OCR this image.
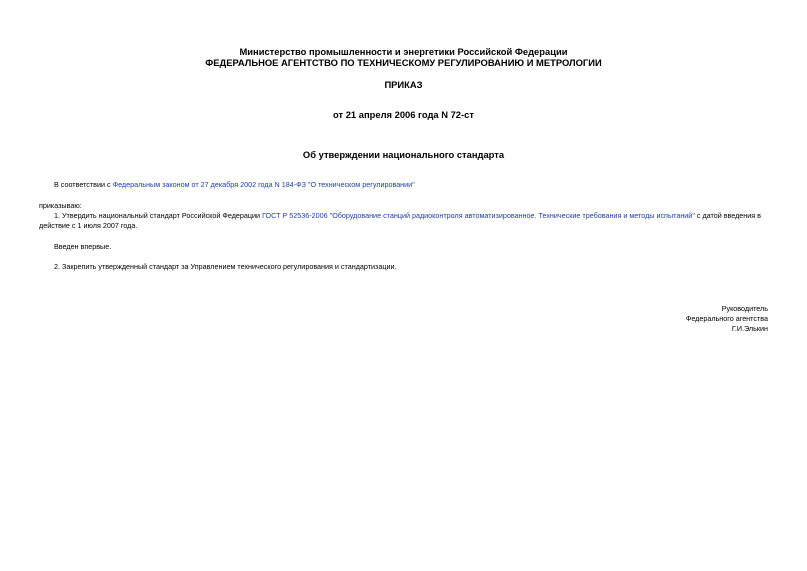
Министерство промышленности и энергетики Российской Федерации
ФЕДЕРАЛЬНОЕ АГЕНТСТВО ПО ТЕХНИЧЕСКОМУ РЕГУЛИРОВАНИЮ И МЕТРОЛОГИИ
ПРИКАЗ
от 21 апреля 2006 года N 72-ст
Об утверждении национального стандарта
В соответствии с Федеральным законом от 27 декабря 2002 года N 184-ФЗ "О техническом регулировании"
приказываю:
1. Утвердить национальный стандарт Российской Федерации ГОСТ Р 52536-2006 "Оборудование станций радиоконтроля автоматизированное. Технические требования и методы испытаний" с датой введения в
действие с 1 июля 2007 года.
Введен впервые.
2. Закрепить утвержденный стандарт за Управлением технического регулирования и стандартизации.
Руководитель
Федерального агентства
Г.И.Элькин
